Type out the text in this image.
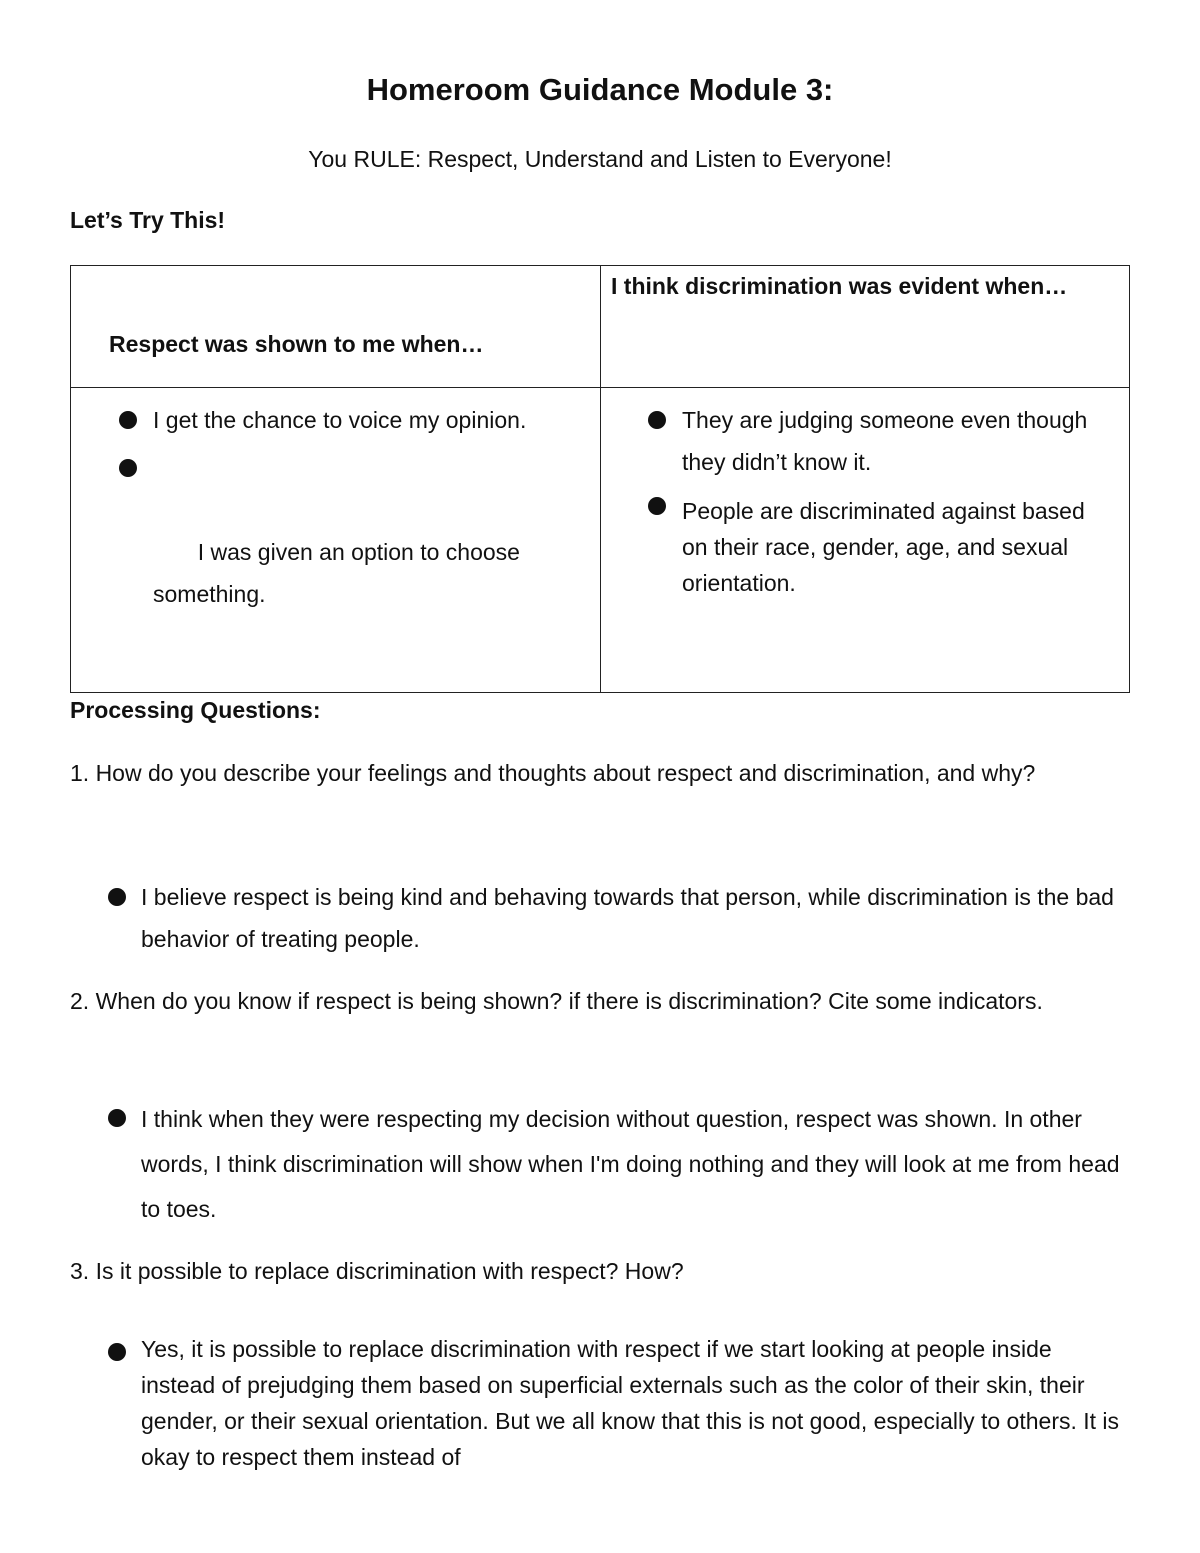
Homeroom Guidance Module 3:
You RULE: Respect, Understand and Listen to Everyone!
Let’s Try This!
Respect was shown to me when…
I think discrimination was evident when…
I get the chance to voice my opinion.

I was given an option to choose something.

They are judging someone even though they didn’t know it.
People are discriminated against based on their race, gender, age, and sexual orientation.
Processing Questions:
1. How do you describe your feelings and thoughts about respect and discrimination, and why?
I believe respect is being kind and behaving towards that person, while discrimination is the bad behavior of treating people.
2. When do you know if respect is being shown? if there is discrimination? Cite some indicators.
I think when they were respecting my decision without question, respect was shown. In other words, I think discrimination will show when I'm doing nothing and they will look at me from head to toes.
3. Is it possible to replace discrimination with respect? How?
Yes, it is possible to replace discrimination with respect if we start looking at people inside instead of prejudging them based on superficial externals such as the color of their skin, their gender, or their sexual orientation. But we all know that this is not good, especially to others. It is okay to respect them instead of
